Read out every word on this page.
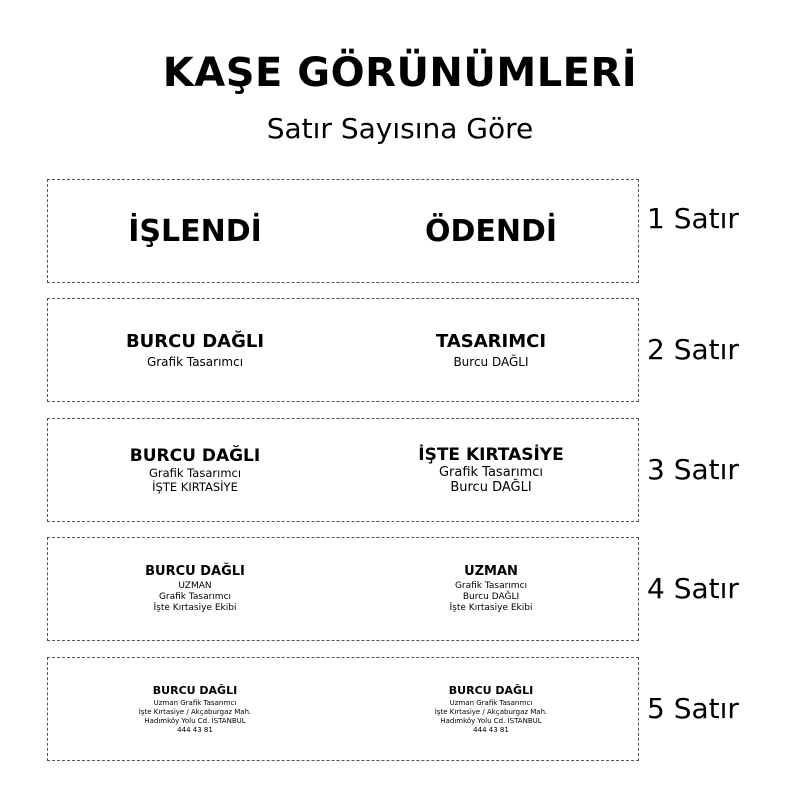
KAŞE GÖRÜNÜMLERİ
Satır Sayısına Göre
İŞLENDİ	ÖDENDİ	1 Satır
BURCU DAĞLI
Grafik Tasarımcı
TASARIMCI
Burcu DAĞLI	2 Satır
BURCU DAĞLI
Grafik Tasarımcı
İŞTE KIRTASİYE
İŞTE KIRTASİYE
Grafik Tasarımcı
Burcu DAĞLI
3 Satır
BURCU DAĞLI
UZMAN
Grafik Tasarımcı
İşte Kırtasiye Ekibi
UZMAN
Grafik Tasarımcı
Burcu DAĞLI
İşte Kırtasiye Ekibi
4 Satır
BURCU DAĞLI
Uzman Grafik Tasarımcı
İşte Kırtasiye / Akçaburgaz Mah.
Hadımköy Yolu Cd. İSTANBUL
444 43 81
BURCU DAĞLI
Uzman Grafik Tasarımcı
İşte Kırtasiye / Akçaburgaz Mah.
Hadımköy Yolu Cd. İSTANBUL
444 43 81
5 Satır
